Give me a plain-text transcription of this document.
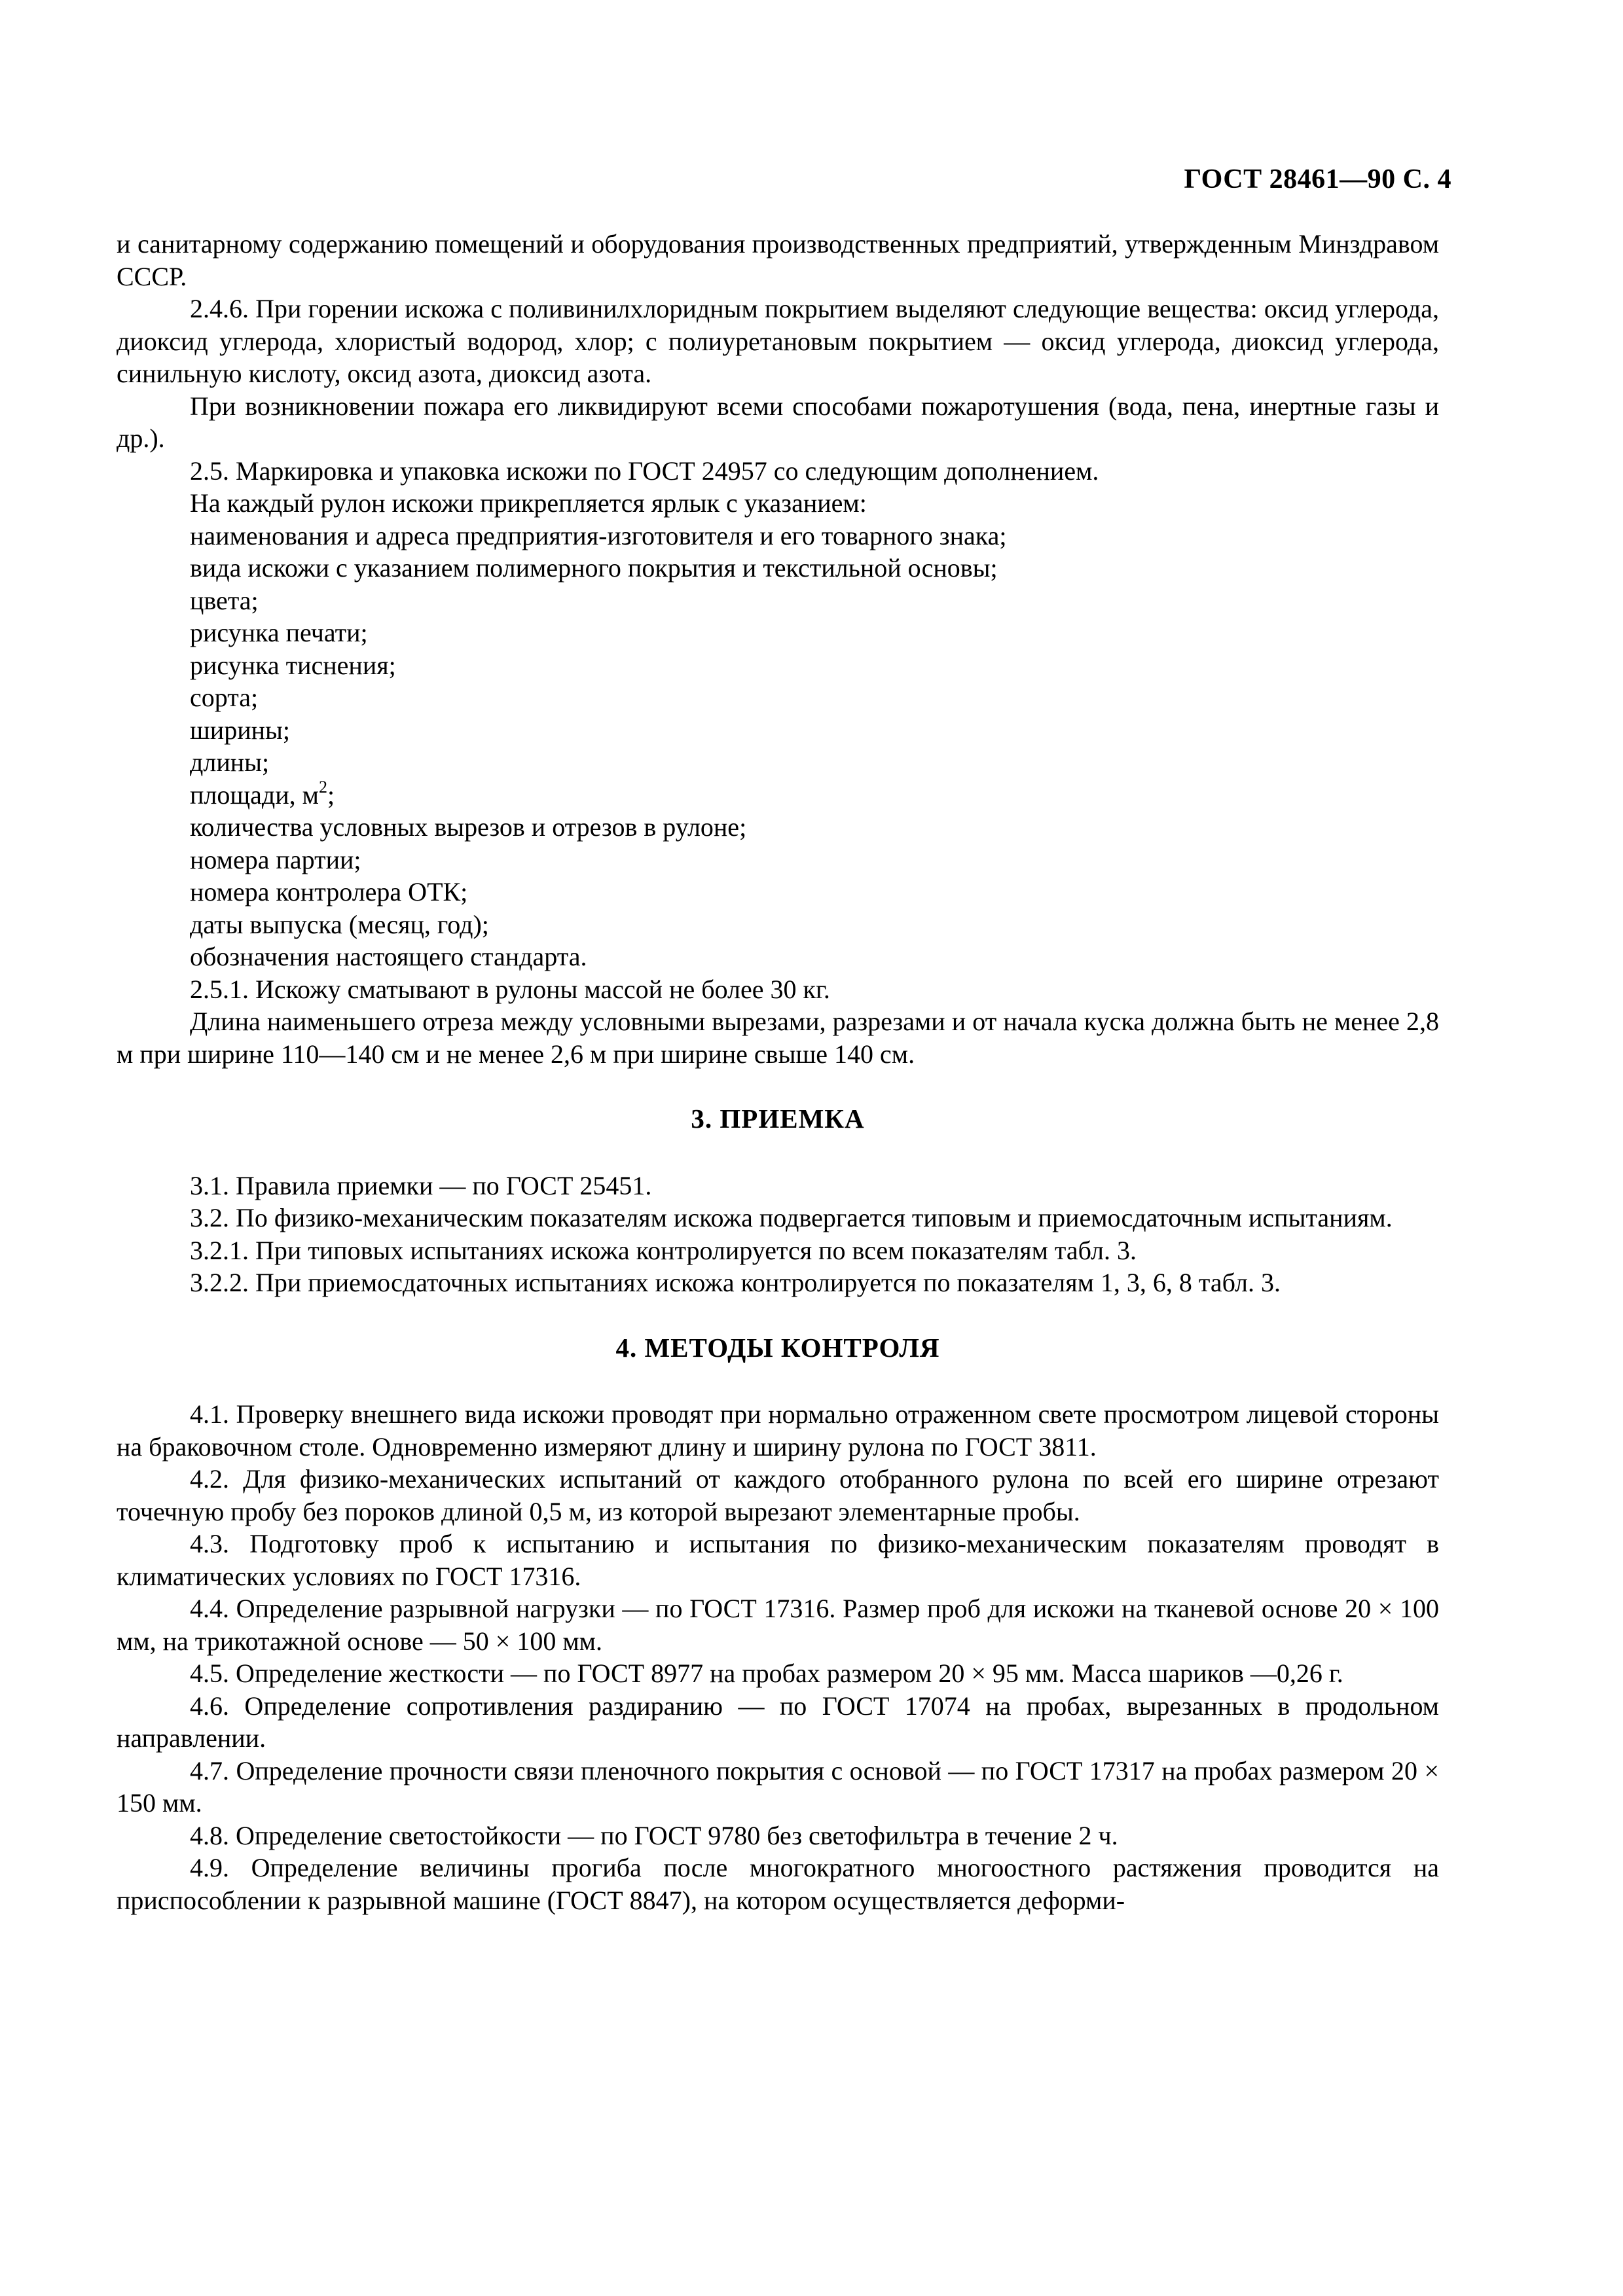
ГОСТ 28461—90 С. 4

и санитарному содержанию помещений и оборудования производственных предприятий, утвержденным Минздравом СССР.

2.4.6. При горении искожа с поливинилхлоридным покрытием выделяют следующие вещества: оксид углерода, диоксид углерода, хлористый водород, хлор; с полиуретановым покрытием — оксид углерода, диоксид углерода, синильную кислоту, оксид азота, диоксид азота.

При возникновении пожара его ликвидируют всеми способами пожаротушения (вода, пена, инертные газы и др.).

2.5. Маркировка и упаковка искожи по ГОСТ 24957 со следующим дополнением.

На каждый рулон искожи прикрепляется ярлык с указанием:

наименования и адреса предприятия-изготовителя и его товарного знака;

вида искожи с указанием полимерного покрытия и текстильной основы;

цвета;

рисунка печати;

рисунка тиснения;

сорта;

ширины;

длины;

площади, $м^2$;

количества условных вырезов и отрезов в рулоне;

номера партии;

номера контролера ОТК;

даты выпуска (месяц, год);

обозначения настоящего стандарта.

2.5.1. Искожу сматывают в рулоны массой не более 30 кг.

Длина наименьшего отреза между условными вырезами, разрезами и от начала куска должна быть не менее 2,8 м при ширине 110—140 см и не менее 2,6 м при ширине свыше 140 см.

3. ПРИЕМКА

3.1. Правила приемки — по ГОСТ 25451.

3.2. По физико-механическим показателям искожа подвергается типовым и приемосдаточным испытаниям.

3.2.1. При типовых испытаниях искожа контролируется по всем показателям табл. 3.

3.2.2. При приемосдаточных испытаниях искожа контролируется по показателям 1, 3, 6, 8 табл. 3.

4. МЕТОДЫ КОНТРОЛЯ

4.1. Проверку внешнего вида искожи проводят при нормально отраженном свете просмотром лицевой стороны на браковочном столе. Одновременно измеряют длину и ширину рулона по ГОСТ 3811.

4.2. Для физико-механических испытаний от каждого отобранного рулона по всей его ширине отрезают точечную пробу без пороков длиной 0,5 м, из которой вырезают элементарные пробы.

4.3. Подготовку проб к испытанию и испытания по физико-механическим показателям проводят в климатических условиях по ГОСТ 17316.

4.4. Определение разрывной нагрузки — по ГОСТ 17316. Размер проб для искожи на тканевой основе 20 × 100 мм, на трикотажной основе — 50 × 100 мм.

4.5. Определение жесткости — по ГОСТ 8977 на пробах размером 20 × 95 мм. Масса шариков —0,26 г.

4.6. Определение сопротивления раздиранию — по ГОСТ 17074 на пробах, вырезанных в продольном направлении.

4.7. Определение прочности связи пленочного покрытия с основой — по ГОСТ 17317 на пробах размером 20 × 150 мм.

4.8. Определение светостойкости — по ГОСТ 9780 без светофильтра в течение 2 ч.

4.9. Определение величины прогиба после многократного многоостного растяжения проводится на приспособлении к разрывной машине (ГОСТ 8847), на котором осуществляется деформи-
